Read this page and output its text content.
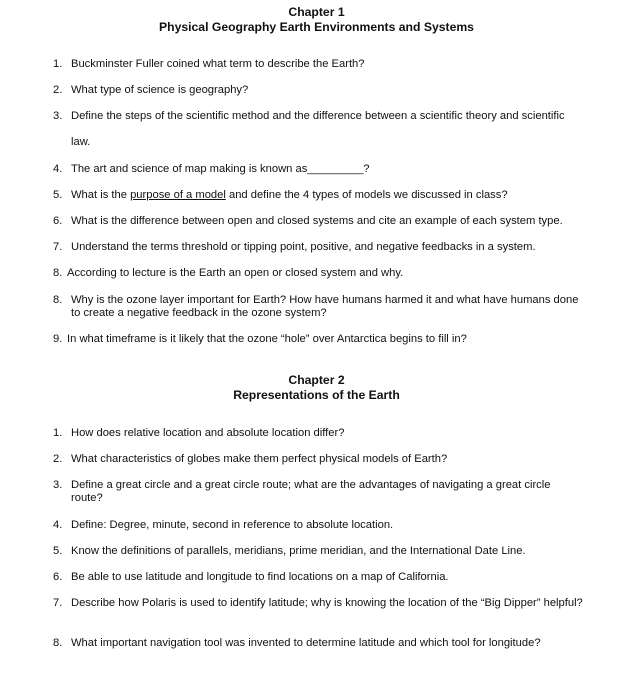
Chapter 1
Physical Geography Earth Environments and Systems
1. Buckminster Fuller coined what term to describe the Earth?
2. What type of science is geography?
3. Define the steps of the scientific method and the difference between a scientific theory and scientific
law.
4. The art and science of map making is known as_________?
5. What is the purpose of a model and define the 4 types of models we discussed in class?
6. What is the difference between open and closed systems and cite an example of each system type.
7. Understand the terms threshold or tipping point, positive, and negative feedbacks in a system.
8. According to lecture is the Earth an open or closed system and why.
8. Why is the ozone layer important for Earth? How have humans harmed it and what have humans done to create a negative feedback in the ozone system?
9. In what timeframe is it likely that the ozone “hole” over Antarctica begins to fill in?
Chapter 2
Representations of the Earth
1. How does relative location and absolute location differ?
2. What characteristics of globes make them perfect physical models of Earth?
3. Define a great circle and a great circle route; what are the advantages of navigating a great circle route?
4. Define: Degree, minute, second in reference to absolute location.
5. Know the definitions of parallels, meridians, prime meridian, and the International Date Line.
6. Be able to use latitude and longitude to find locations on a map of California.
7. Describe how Polaris is used to identify latitude; why is knowing the location of the “Big Dipper” helpful?
8. What important navigation tool was invented to determine latitude and which tool for longitude?
